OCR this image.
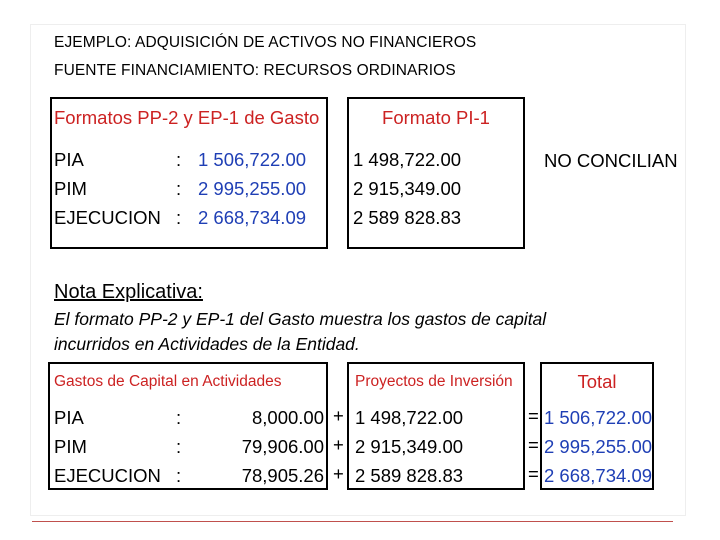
EJEMPLO: ADQUISICIÓN DE ACTIVOS NO FINANCIEROS
FUENTE FINANCIAMIENTO: RECURSOS ORDINARIOS
Formatos PP-2 y EP-1 de Gasto
PIA
PIM
EJECUCION
:
:
:
1 506,722.00
2 995,255.00
2 668,734.09
Formato PI-1
1 498,722.00
2 915,349.00
2 589 828.83
NO CONCILIAN
Nota Explicativa:
El formato PP-2 y EP-1 del Gasto muestra los gastos de capital
incurridos en Actividades de la Entidad.
Gastos de Capital en Actividades
PIA
PIM
EJECUCION
:
:
:
8,000.00
79,906.00
78,905.26
+
+
+
Proyectos de Inversión
1 498,722.00
2 915,349.00
2 589 828.83
=
=
=
Total
1 506,722.00
2 995,255.00
2 668,734.09
